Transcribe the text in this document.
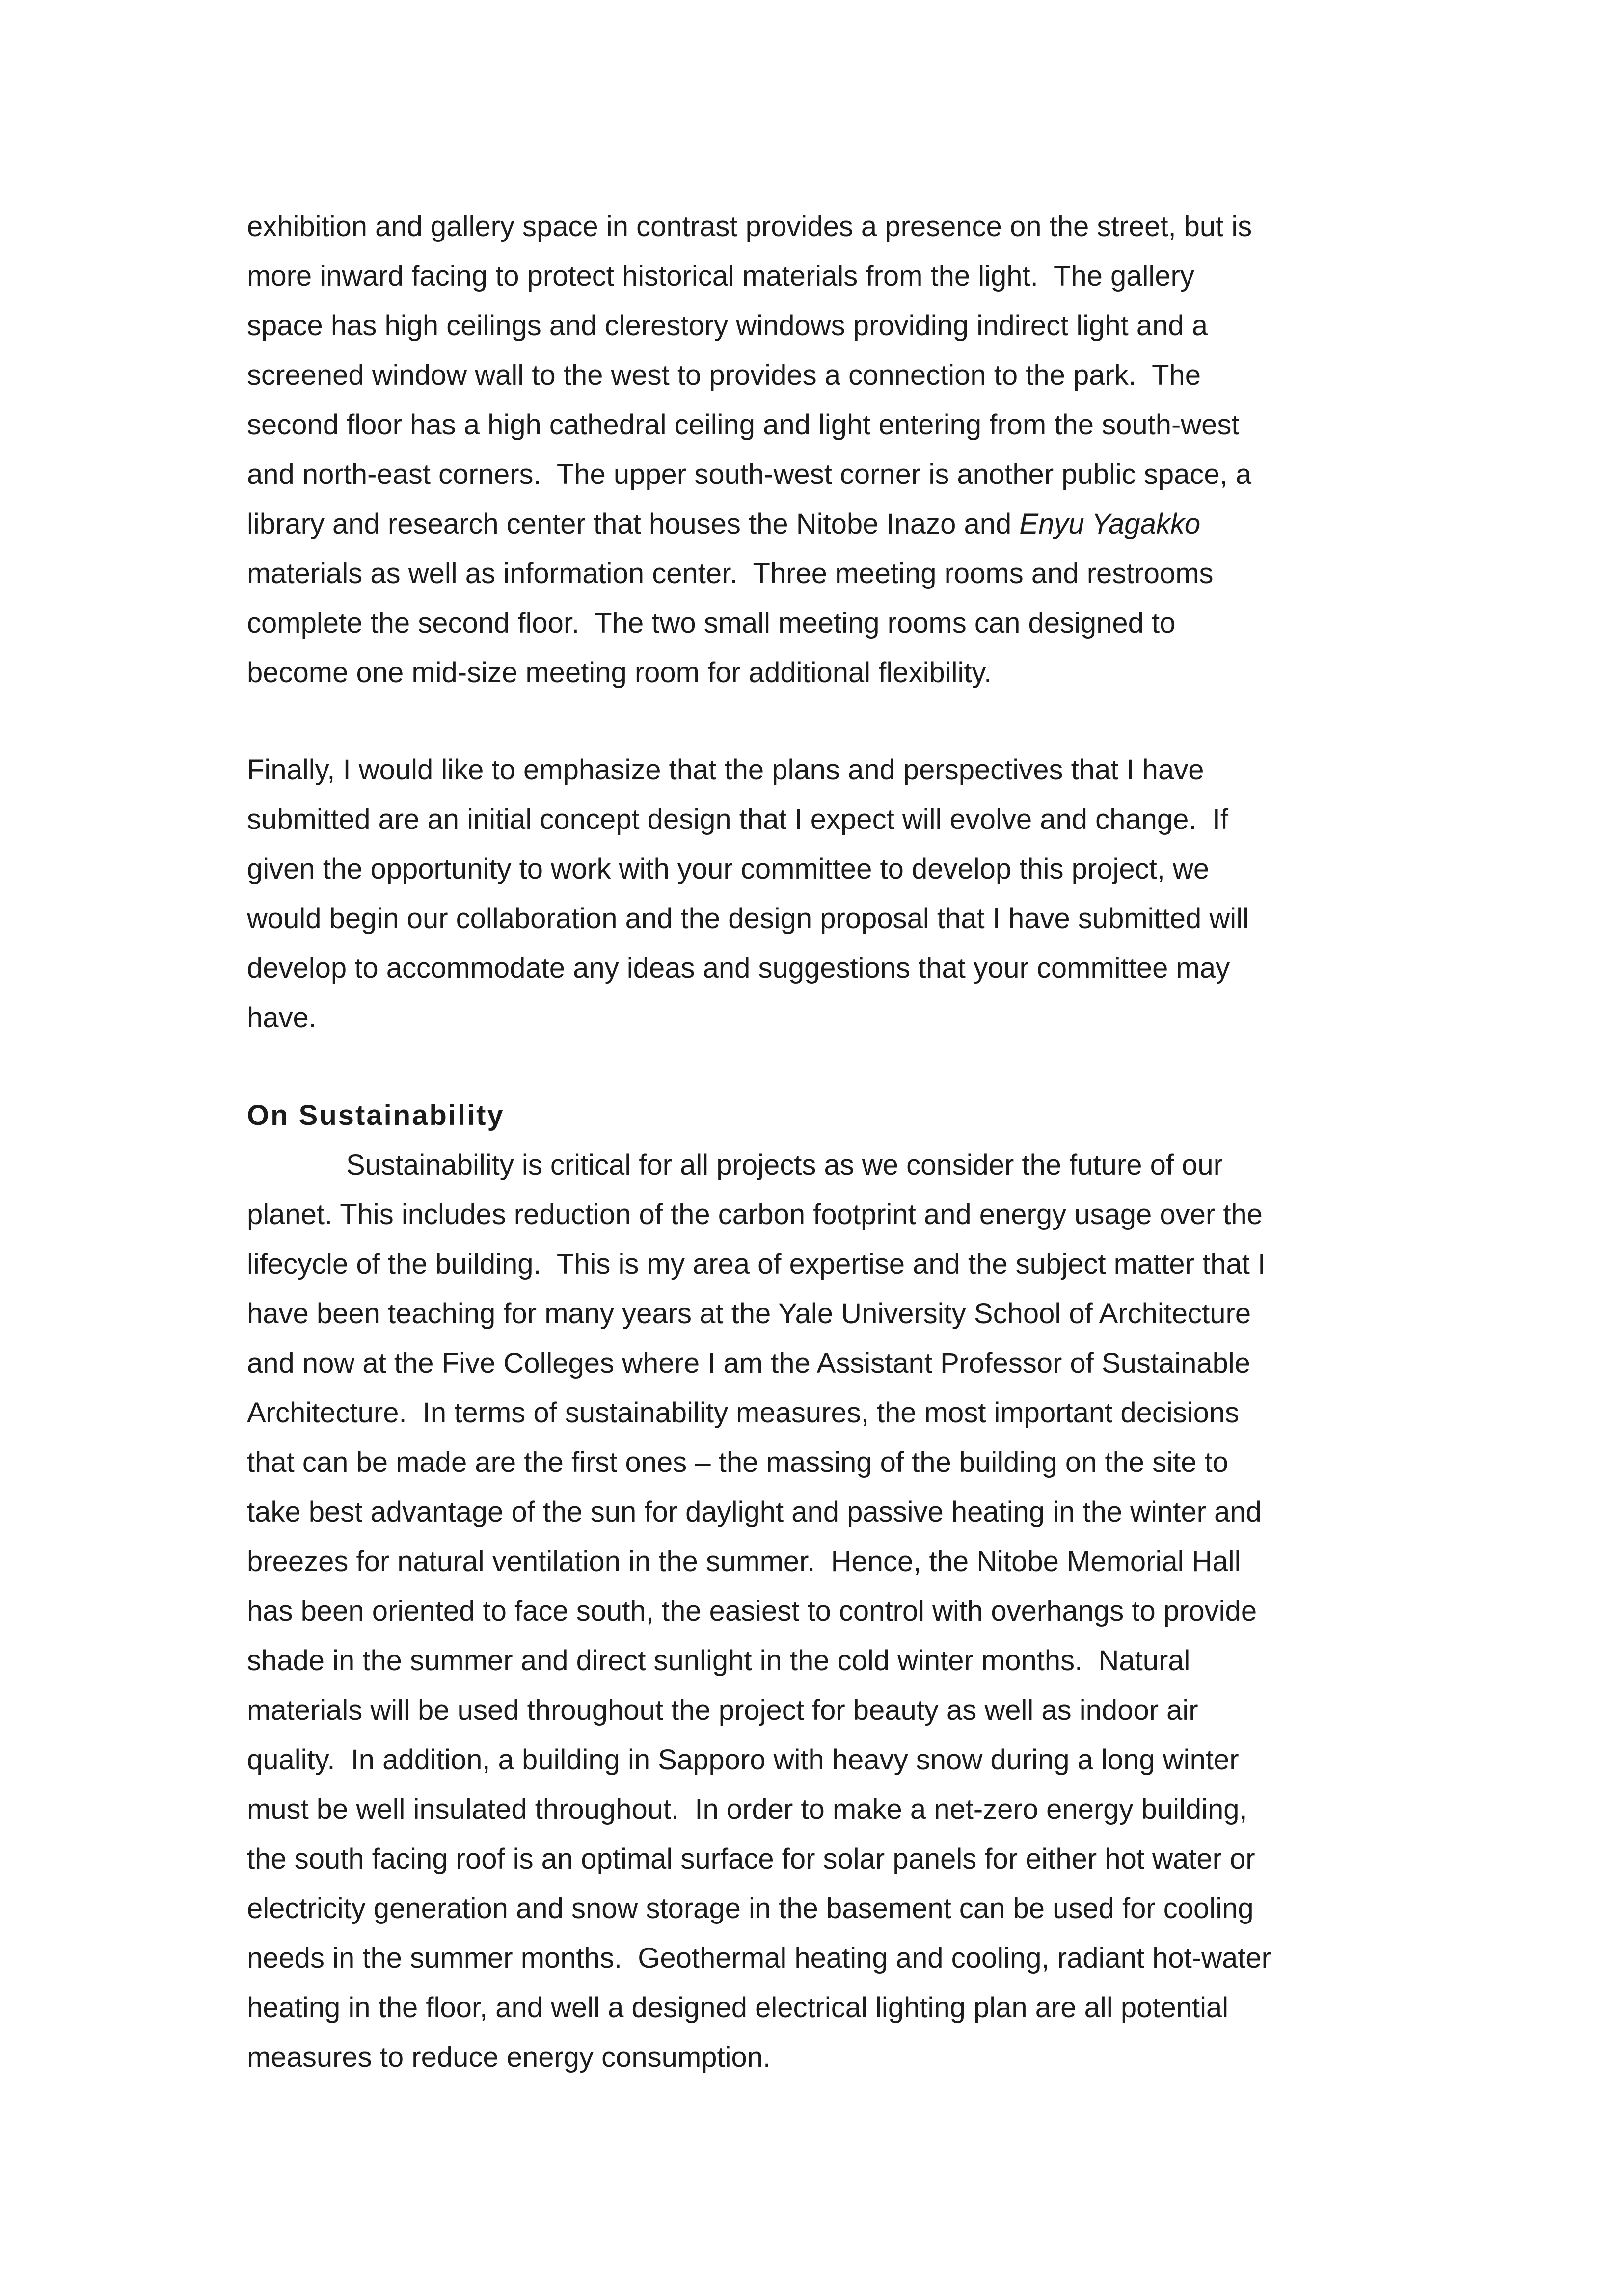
exhibition and gallery space in contrast provides a presence on the street, but is
more inward facing to protect historical materials from the light.  The gallery
space has high ceilings and clerestory windows providing indirect light and a
screened window wall to the west to provides a connection to the park.  The
second floor has a high cathedral ceiling and light entering from the south-west
and north-east corners.  The upper south-west corner is another public space, a
library and research center that houses the Nitobe Inazo and Enyu Yagakko
materials as well as information center.  Three meeting rooms and restrooms
complete the second floor.  The two small meeting rooms can designed to
become one mid-size meeting room for additional flexibility.
Finally, I would like to emphasize that the plans and perspectives that I have
submitted are an initial concept design that I expect will evolve and change.  If
given the opportunity to work with your committee to develop this project, we
would begin our collaboration and the design proposal that I have submitted will
develop to accommodate any ideas and suggestions that your committee may
have.
On Sustainability
Sustainability is critical for all projects as we consider the future of our
planet. This includes reduction of the carbon footprint and energy usage over the
lifecycle of the building.  This is my area of expertise and the subject matter that I
have been teaching for many years at the Yale University School of Architecture
and now at the Five Colleges where I am the Assistant Professor of Sustainable
Architecture.  In terms of sustainability measures, the most important decisions
that can be made are the first ones – the massing of the building on the site to
take best advantage of the sun for daylight and passive heating in the winter and
breezes for natural ventilation in the summer.  Hence, the Nitobe Memorial Hall
has been oriented to face south, the easiest to control with overhangs to provide
shade in the summer and direct sunlight in the cold winter months.  Natural
materials will be used throughout the project for beauty as well as indoor air
quality.  In addition, a building in Sapporo with heavy snow during a long winter
must be well insulated throughout.  In order to make a net-zero energy building,
the south facing roof is an optimal surface for solar panels for either hot water or
electricity generation and snow storage in the basement can be used for cooling
needs in the summer months.  Geothermal heating and cooling, radiant hot-water
heating in the floor, and well a designed electrical lighting plan are all potential
measures to reduce energy consumption.
